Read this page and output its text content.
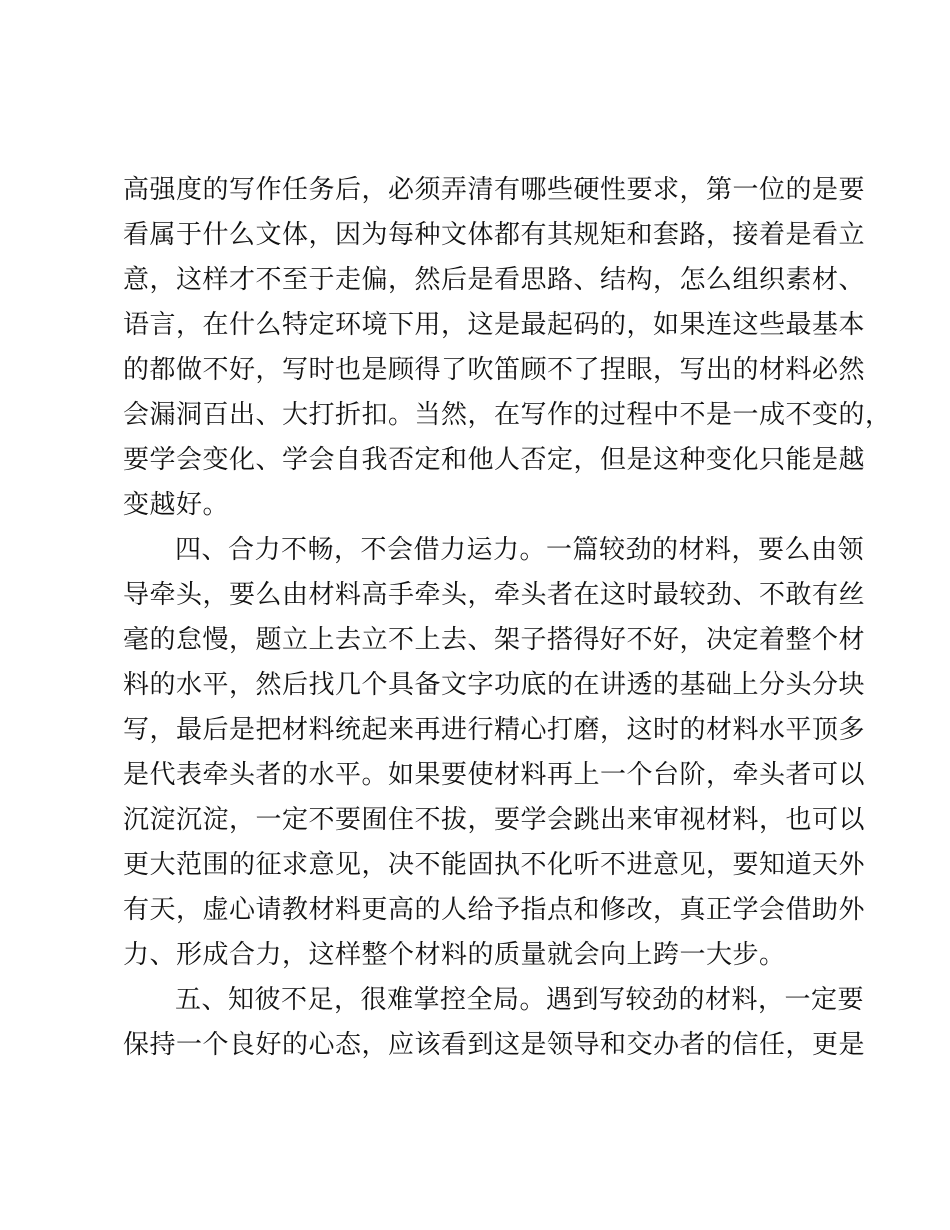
高强度的写作任务后，必须弄清有哪些硬性要求，第一位的是要
看属于什么文体，因为每种文体都有其规矩和套路，接着是看立
意，这样才不至于走偏，然后是看思路、结构，怎么组织素材、
语言，在什么特定环境下用，这是最起码的，如果连这些最基本
的都做不好，写时也是顾得了吹笛顾不了捏眼，写出的材料必然
会漏洞百出、大打折扣。当然，在写作的过程中不是一成不变的，
要学会变化、学会自我否定和他人否定，但是这种变化只能是越
变越好。
四、合力不畅，不会借力运力。一篇较劲的材料，要么由领
导牵头，要么由材料高手牵头，牵头者在这时最较劲、不敢有丝
毫的怠慢，题立上去立不上去、架子搭得好不好，决定着整个材
料的水平，然后找几个具备文字功底的在讲透的基础上分头分块
写，最后是把材料统起来再进行精心打磨，这时的材料水平顶多
是代表牵头者的水平。如果要使材料再上一个台阶，牵头者可以
沉淀沉淀，一定不要囿住不拔，要学会跳出来审视材料，也可以
更大范围的征求意见，决不能固执不化听不进意见，要知道天外
有天，虚心请教材料更高的人给予指点和修改，真正学会借助外
力、形成合力，这样整个材料的质量就会向上跨一大步。
五、知彼不足，很难掌控全局。遇到写较劲的材料，一定要
保持一个良好的心态，应该看到这是领导和交办者的信任，更是
